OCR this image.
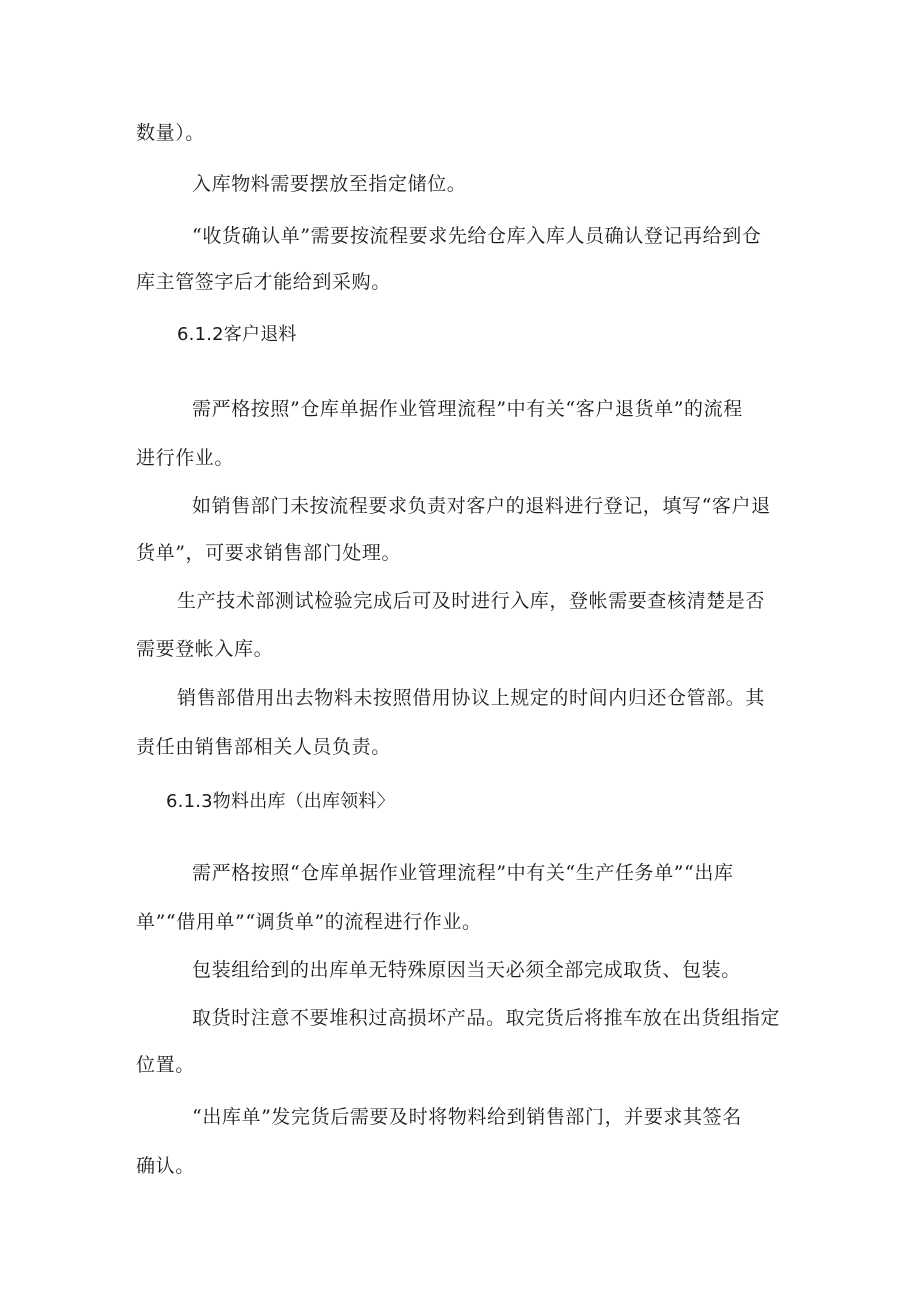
数量）。
入库物料需要摆放至指定储位。
“收货确认单”需要按流程要求先给仓库入库人员确认登记再给到仓
库主管签字后才能给到采购。
6.1.2客户退料
需严格按照”仓库单据作业管理流程”中有关“客户退货单”的流程
进行作业。
如销售部门未按流程要求负责对客户的退料进行登记，填写“客户退
货单”，可要求销售部门处理。
生产技术部测试检验完成后可及时进行入库，登帐需要查核清楚是否
需要登帐入库。
销售部借用出去物料未按照借用协议上规定的时间内归还仓管部。其
责任由销售部相关人员负责。
6.1.3物料出库（出库领料〉
需严格按照“仓库单据作业管理流程”中有关“生产任务单”“出库
单”“借用单”“调货单”的流程进行作业。
包装组给到的出库单无特殊原因当天必须全部完成取货、包装。
取货时注意不要堆积过高损坏产品。取完货后将推车放在出货组指定
位置。
“出库单”发完货后需要及时将物料给到销售部门，并要求其签名
确认。
